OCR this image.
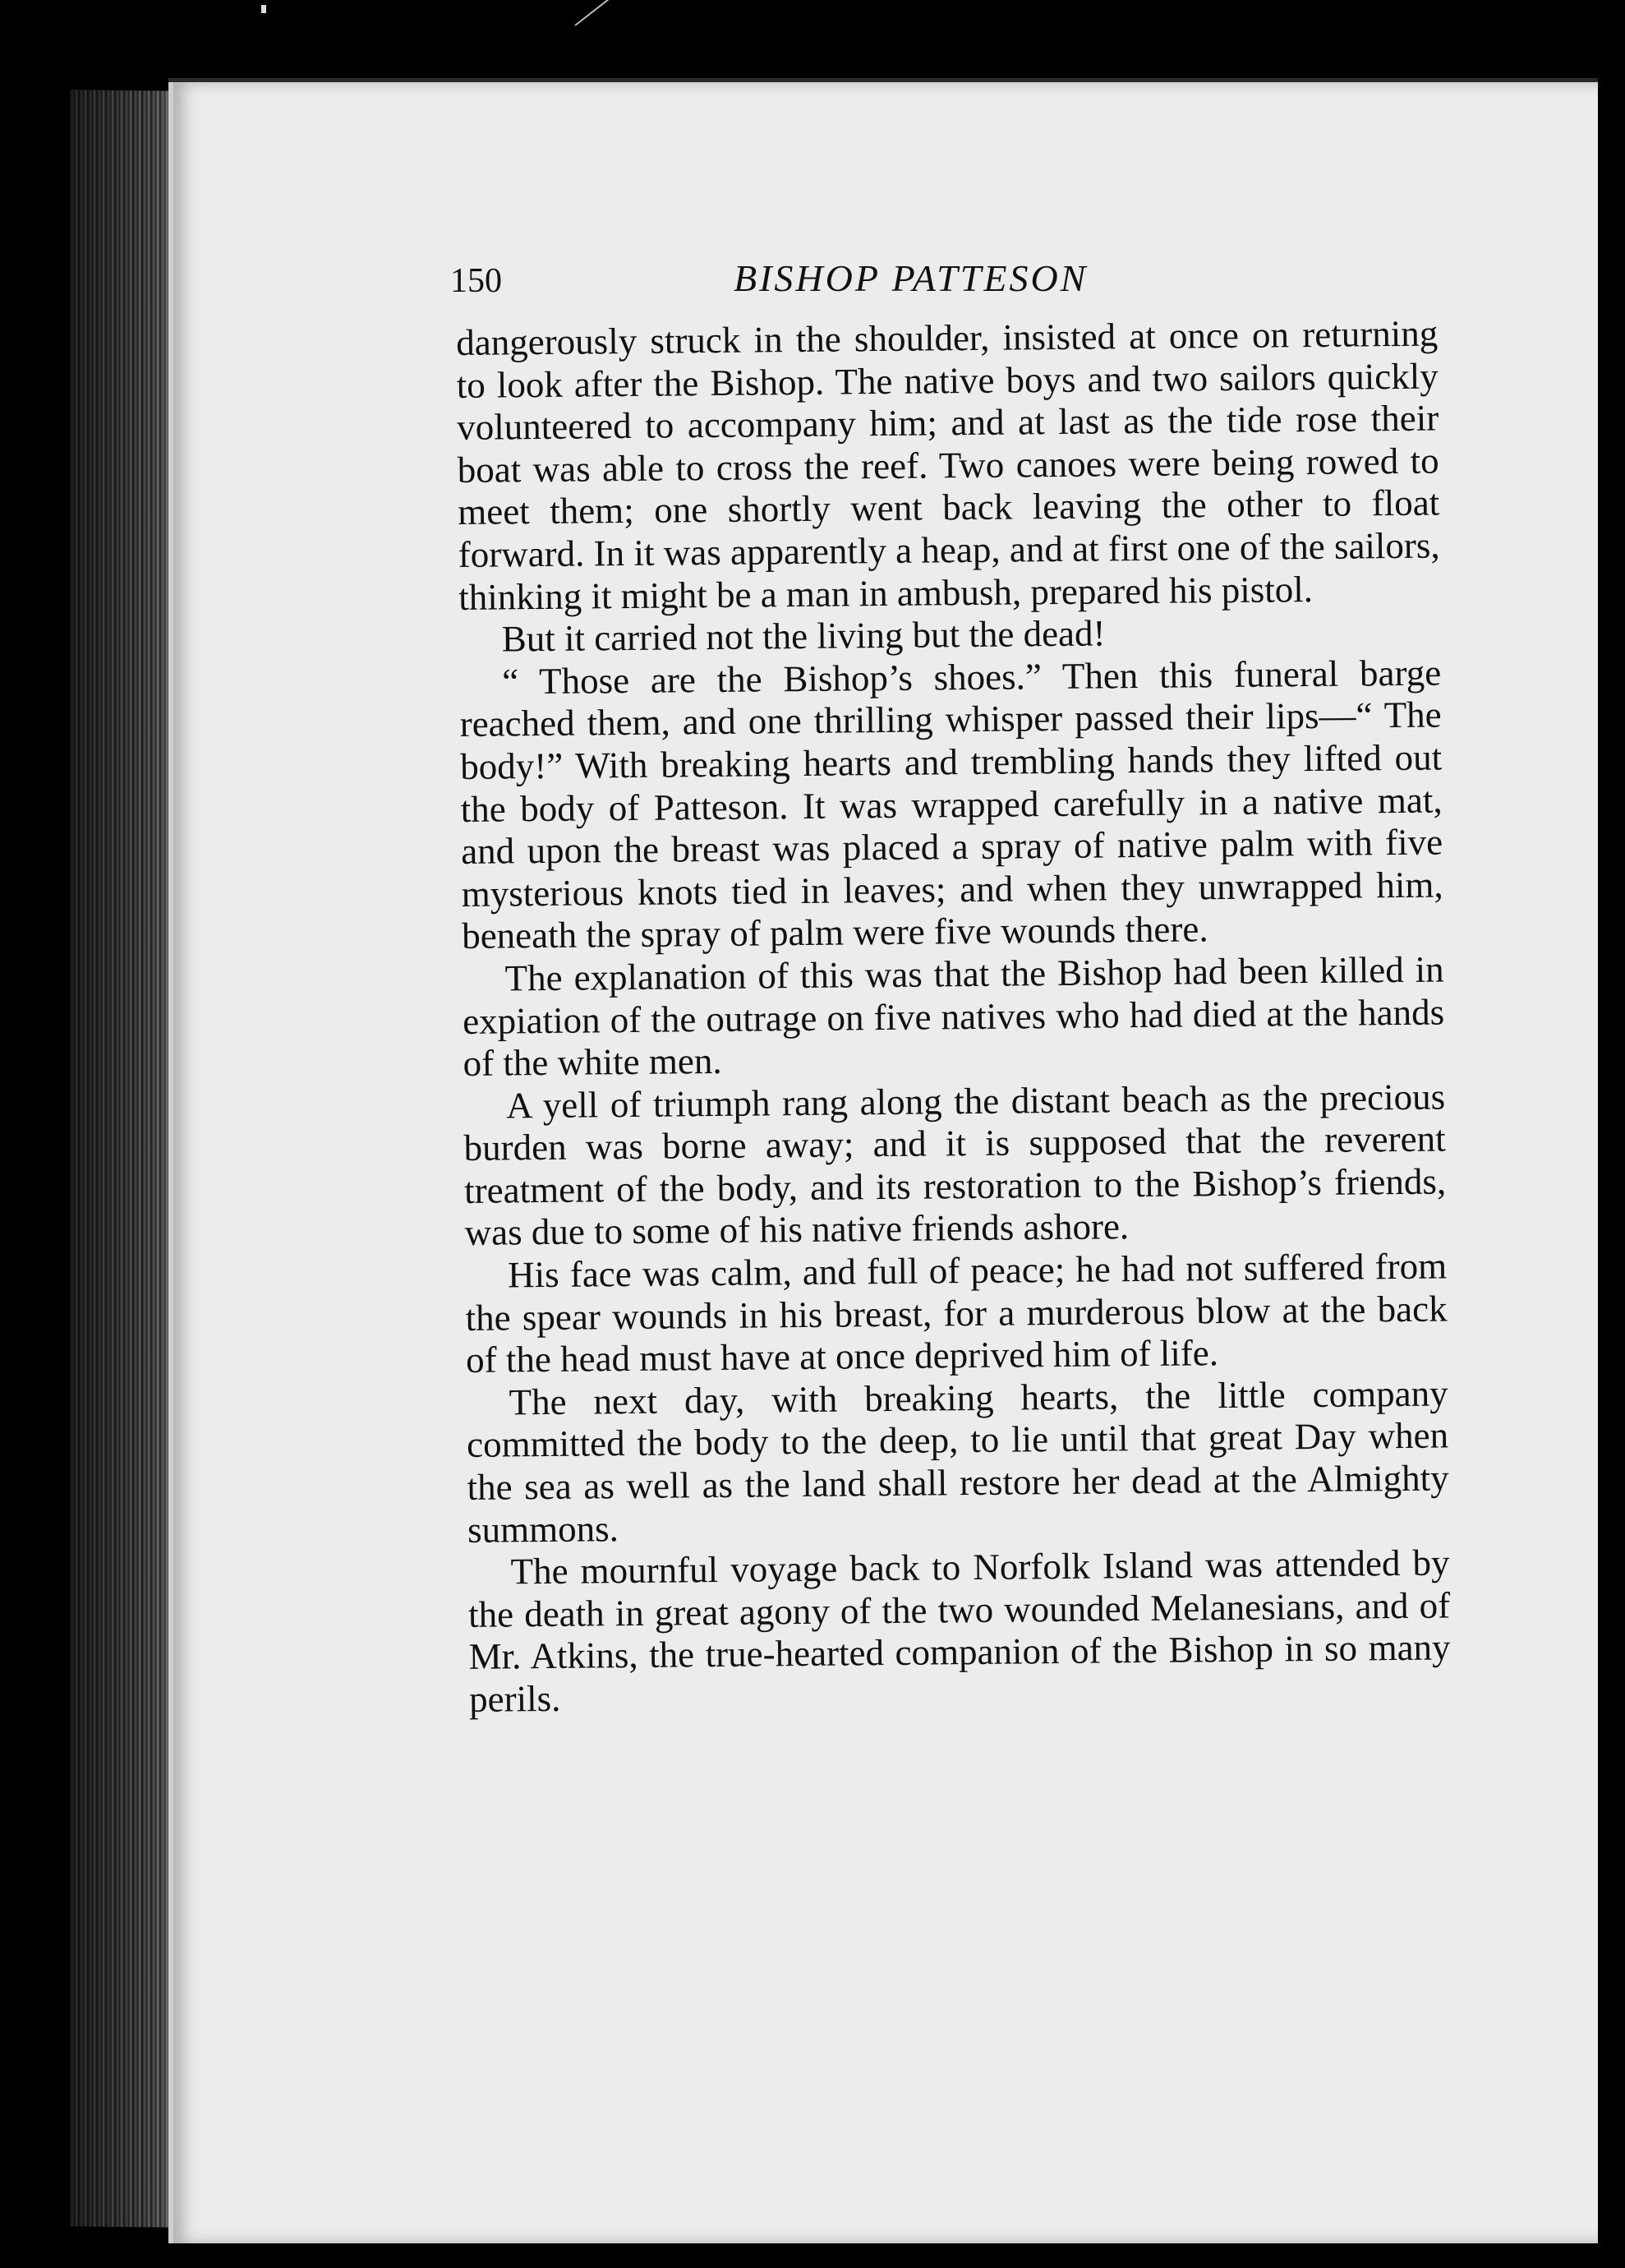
150	BISHOP PATTESON

dangerously struck in the shoulder, insisted at once on returning to look after the Bishop. The native boys and two sailors quickly volunteered to accompany him; and at last as the tide rose their boat was able to cross the reef. Two canoes were being rowed to meet them; one shortly went back leaving the other to float forward. In it was apparently a heap, and at first one of the sailors, thinking it might be a man in ambush, prepared his pistol.

But it carried not the living but the dead!

“ Those are the Bishop’s shoes.” Then this funeral barge reached them, and one thrilling whisper passed their lips—“ The body!” With breaking hearts and trembling hands they lifted out the body of Patteson. It was wrapped carefully in a native mat, and upon the breast was placed a spray of native palm with five mysterious knots tied in leaves; and when they unwrapped him, beneath the spray of palm were five wounds there.

The explanation of this was that the Bishop had been killed in expiation of the outrage on five natives who had died at the hands of the white men.

A yell of triumph rang along the distant beach as the precious burden was borne away; and it is supposed that the reverent treatment of the body, and its restoration to the Bishop’s friends, was due to some of his native friends ashore.

His face was calm, and full of peace; he had not suffered from the spear wounds in his breast, for a murderous blow at the back of the head must have at once deprived him of life.

The next day, with breaking hearts, the little company committed the body to the deep, to lie until that great Day when the sea as well as the land shall restore her dead at the Almighty summons.

The mournful voyage back to Norfolk Island was attended by the death in great agony of the two wounded Melanesians, and of Mr. Atkins, the true-hearted companion of the Bishop in so many perils.
